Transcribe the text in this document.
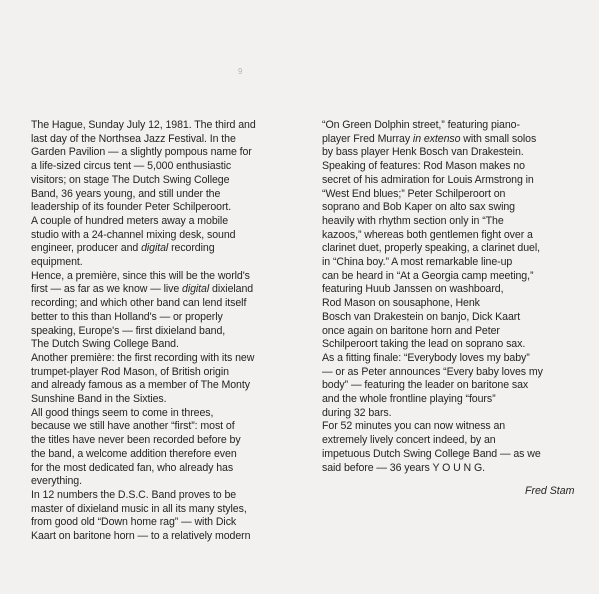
9
The Hague, Sunday July 12, 1981. The third and
last day of the Northsea Jazz Festival. In the
Garden Pavilion — a slightly pompous name for
a life-sized circus tent — 5,000 enthusiastic
visitors; on stage The Dutch Swing College
Band, 36 years young, and still under the
leadership of its founder Peter Schilperoort.
A couple of hundred meters away a mobile
studio with a 24-channel mixing desk, sound
engineer, producer and digital recording
equipment.
Hence, a première, since this will be the world's
first — as far as we know — live digital dixieland
recording; and which other band can lend itself
better to this than Holland's — or properly
speaking, Europe's — first dixieland band,
The Dutch Swing College Band.
Another première: the first recording with its new
trumpet-player Rod Mason, of British origin
and already famous as a member of The Monty
Sunshine Band in the Sixties.
All good things seem to come in threes,
because we still have another “first”: most of
the titles have never been recorded before by
the band, a welcome addition therefore even
for the most dedicated fan, who already has
everything.
In 12 numbers the D.S.C. Band proves to be
master of dixieland music in all its many styles,
from good old “Down home rag” — with Dick
Kaart on baritone horn — to a relatively modern
“On Green Dolphin street,” featuring piano-
player Fred Murray in extenso with small solos
by bass player Henk Bosch van Drakestein.
Speaking of features: Rod Mason makes no
secret of his admiration for Louis Armstrong in
“West End blues;” Peter Schilperoort on
soprano and Bob Kaper on alto sax swing
heavily with rhythm section only in “The
kazoos,” whereas both gentlemen fight over a
clarinet duet, properly speaking, a clarinet duel,
in “China boy.” A most remarkable line-up
can be heard in “At a Georgia camp meeting,”
featuring Huub Janssen on washboard,
Rod Mason on sousaphone, Henk
Bosch van Drakestein on banjo, Dick Kaart
once again on baritone horn and Peter
Schilperoort taking the lead on soprano sax.
As a fitting finale: “Everybody loves my baby”
— or as Peter announces “Every baby loves my
body” — featuring the leader on baritone sax
and the whole frontline playing “fours”
during 32 bars.
For 52 minutes you can now witness an
extremely lively concert indeed, by an
impetuous Dutch Swing College Band — as we
said before — 36 years Y O U N G.
Fred Stam
